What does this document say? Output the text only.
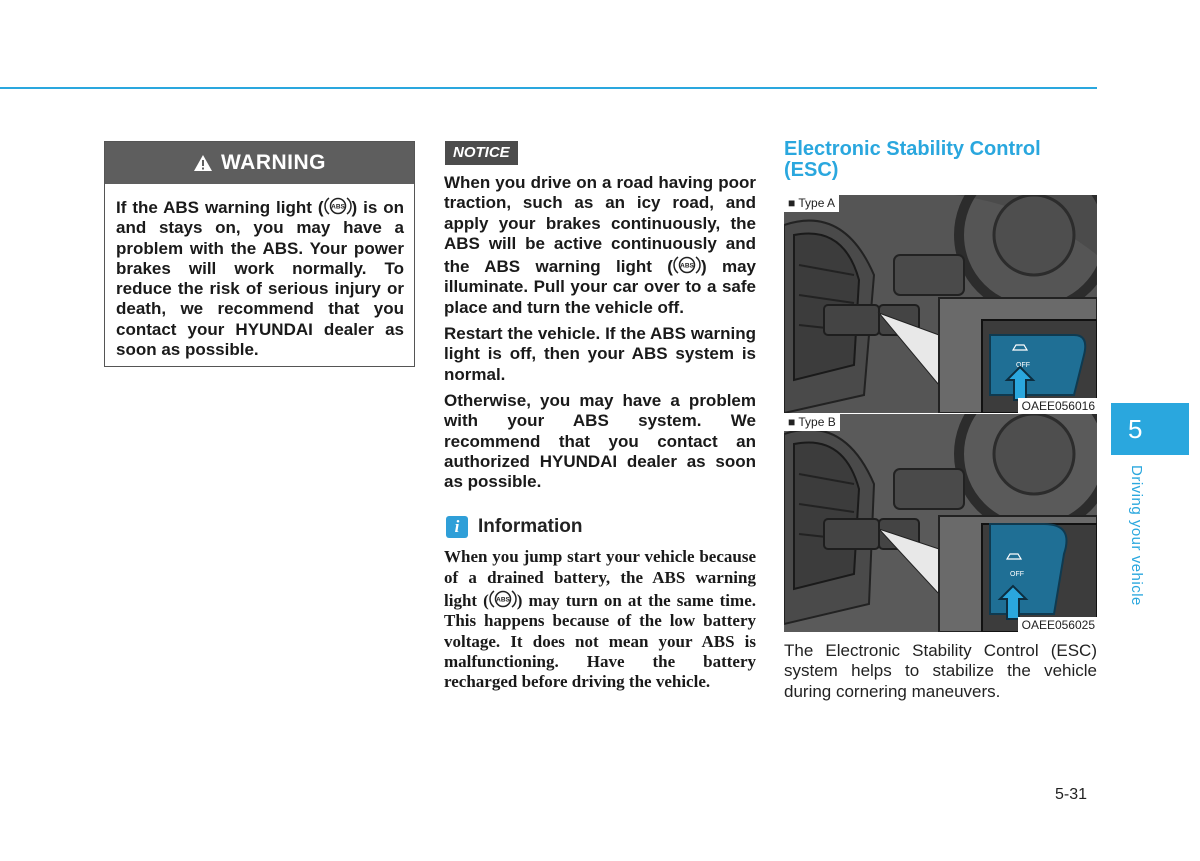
WARNING
If the ABS warning light ( ABS ) is on and stays on, you may have a problem with the ABS. Your power brakes will work normally. To reduce the risk of serious injury or death, we recommend that you contact your HYUNDAI dealer as soon as possible.
NOTICE

When you drive on a road having poor traction, such as an icy road, and apply your brakes continuously, the ABS will be active continuously and the ABS warning light ( ABS ) may illuminate. Pull your car over to a safe place and turn the vehicle off.

Restart the vehicle. If the ABS warning light is off, then your ABS system is normal.

Otherwise, you may have a problem with your ABS system. We recommend that you contact an authorized HYUNDAI dealer as soon as possible.

i Information

When you jump start your vehicle because of a drained battery, the ABS warning light ( ABS ) may turn on at the same time. This happens because of the low battery voltage. It does not mean your ABS is malfunctioning. Have the battery recharged before driving the vehicle.

Electronic Stability Control (ESC)
OFF
■ Type A
OAEE056016
OFF
■ Type B
OAEE056025

The Electronic Stability Control (ESC) system helps to stabilize the vehicle during cornering maneuvers.

5
Driving your vehicle
5-31
